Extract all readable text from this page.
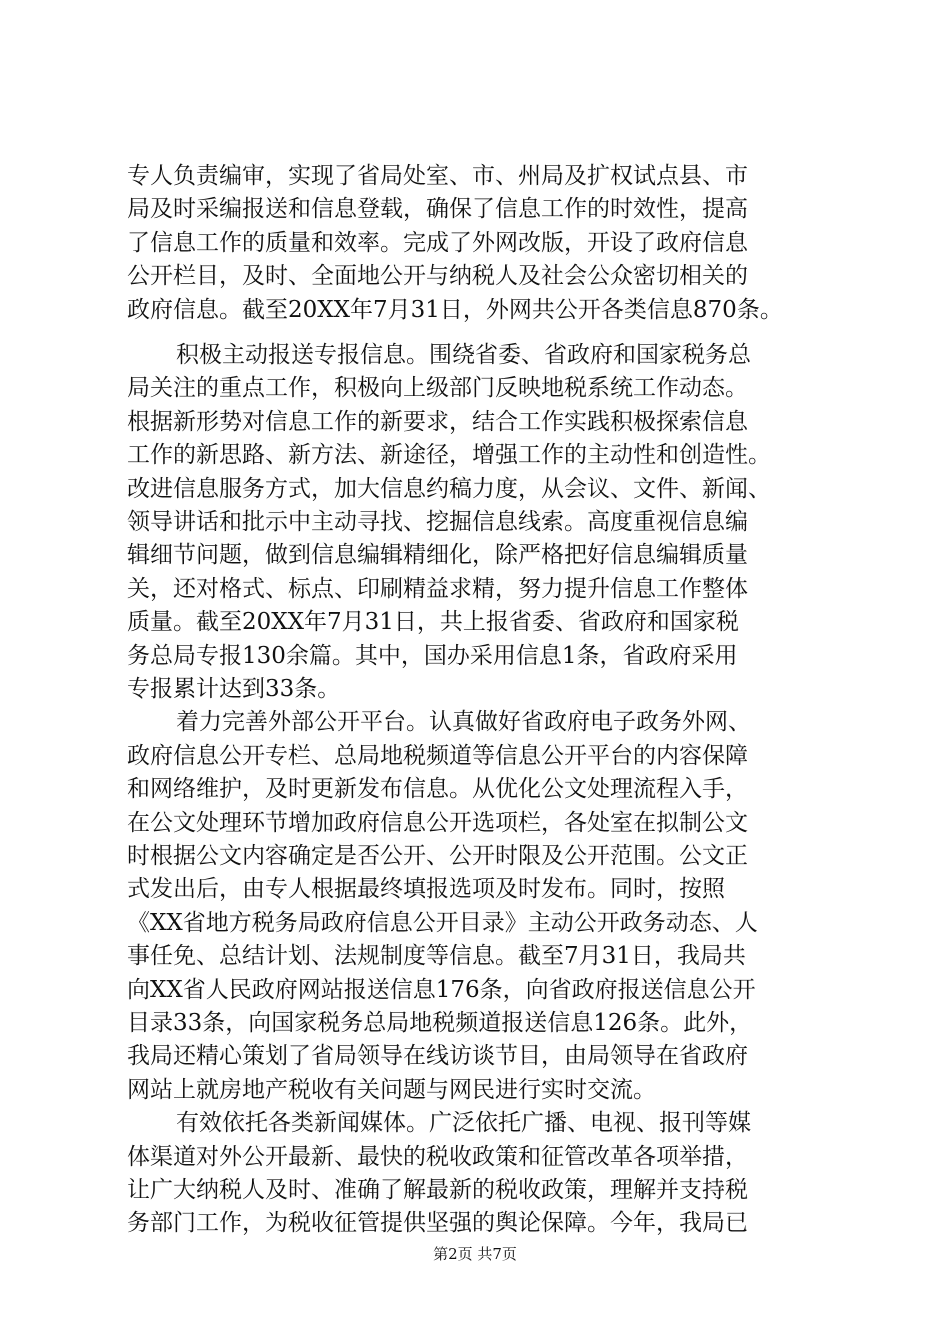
专人负责编审，实现了省局处室、市、州局及扩权试点县、市
局及时采编报送和信息登载，确保了信息工作的时效性，提高
了信息工作的质量和效率。完成了外网改版，开设了政府信息
公开栏目，及时、全面地公开与纳税人及社会公众密切相关的
政府信息。截至20XX年7月31日，外网共公开各类信息870条。
积极主动报送专报信息。围绕省委、省政府和国家税务总
局关注的重点工作，积极向上级部门反映地税系统工作动态。
根据新形势对信息工作的新要求，结合工作实践积极探索信息
工作的新思路、新方法、新途径，增强工作的主动性和创造性。
改进信息服务方式，加大信息约稿力度，从会议、文件、新闻、
领导讲话和批示中主动寻找、挖掘信息线索。高度重视信息编
辑细节问题，做到信息编辑精细化，除严格把好信息编辑质量
关，还对格式、标点、印刷精益求精，努力提升信息工作整体
质量。截至20XX年7月31日，共上报省委、省政府和国家税
务总局专报130余篇。其中，国办采用信息1条，省政府采用
专报累计达到33条。
着力完善外部公开平台。认真做好省政府电子政务外网、
政府信息公开专栏、总局地税频道等信息公开平台的内容保障
和网络维护，及时更新发布信息。从优化公文处理流程入手，
在公文处理环节增加政府信息公开选项栏，各处室在拟制公文
时根据公文内容确定是否公开、公开时限及公开范围。公文正
式发出后，由专人根据最终填报选项及时发布。同时，按照
《XX省地方税务局政府信息公开目录》主动公开政务动态、人
事任免、总结计划、法规制度等信息。截至7月31日，我局共
向XX省人民政府网站报送信息176条，向省政府报送信息公开
目录33条，向国家税务总局地税频道报送信息126条。此外，
我局还精心策划了省局领导在线访谈节目，由局领导在省政府
网站上就房地产税收有关问题与网民进行实时交流。
有效依托各类新闻媒体。广泛依托广播、电视、报刊等媒
体渠道对外公开最新、最快的税收政策和征管改革各项举措，
让广大纳税人及时、准确了解最新的税收政策，理解并支持税
务部门工作，为税收征管提供坚强的舆论保障。今年，我局已
第2页 共7页
